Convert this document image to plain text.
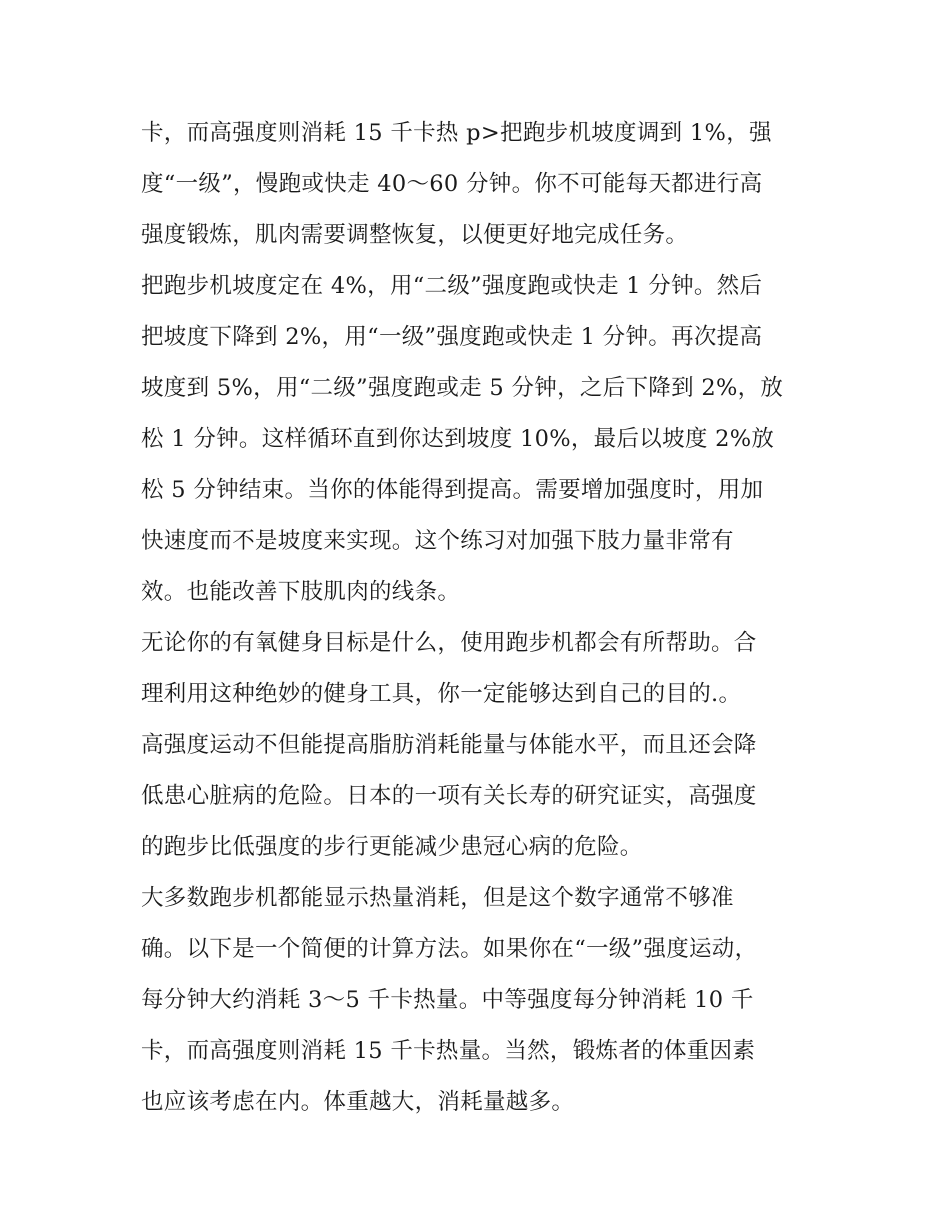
卡，而高强度则消耗 15 千卡热 p>把跑步机坡度调到 1%，强
度“一级”，慢跑或快走 40～60 分钟。你不可能每天都进行高
强度锻炼，肌肉需要调整恢复，以便更好地完成任务。
把跑步机坡度定在 4%，用“二级”强度跑或快走 1 分钟。然后
把坡度下降到 2%，用“一级”强度跑或快走 1 分钟。再次提高
坡度到 5%，用“二级”强度跑或走 5 分钟，之后下降到 2%，放
松 1 分钟。这样循环直到你达到坡度 10%，最后以坡度 2%放
松 5 分钟结束。当你的体能得到提高。需要增加强度时，用加
快速度而不是坡度来实现。这个练习对加强下肢力量非常有
效。也能改善下肢肌肉的线条。
无论你的有氧健身目标是什么，使用跑步机都会有所帮助。合
理利用这种绝妙的健身工具，你一定能够达到自己的目的.。
高强度运动不但能提高脂肪消耗能量与体能水平，而且还会降
低患心脏病的危险。日本的一项有关长寿的研究证实，高强度
的跑步比低强度的步行更能减少患冠心病的危险。
大多数跑步机都能显示热量消耗，但是这个数字通常不够准
确。以下是一个简便的计算方法。如果你在“一级”强度运动，
每分钟大约消耗 3～5 千卡热量。中等强度每分钟消耗 10 千
卡，而高强度则消耗 15 千卡热量。当然，锻炼者的体重因素
也应该考虑在内。体重越大，消耗量越多。
